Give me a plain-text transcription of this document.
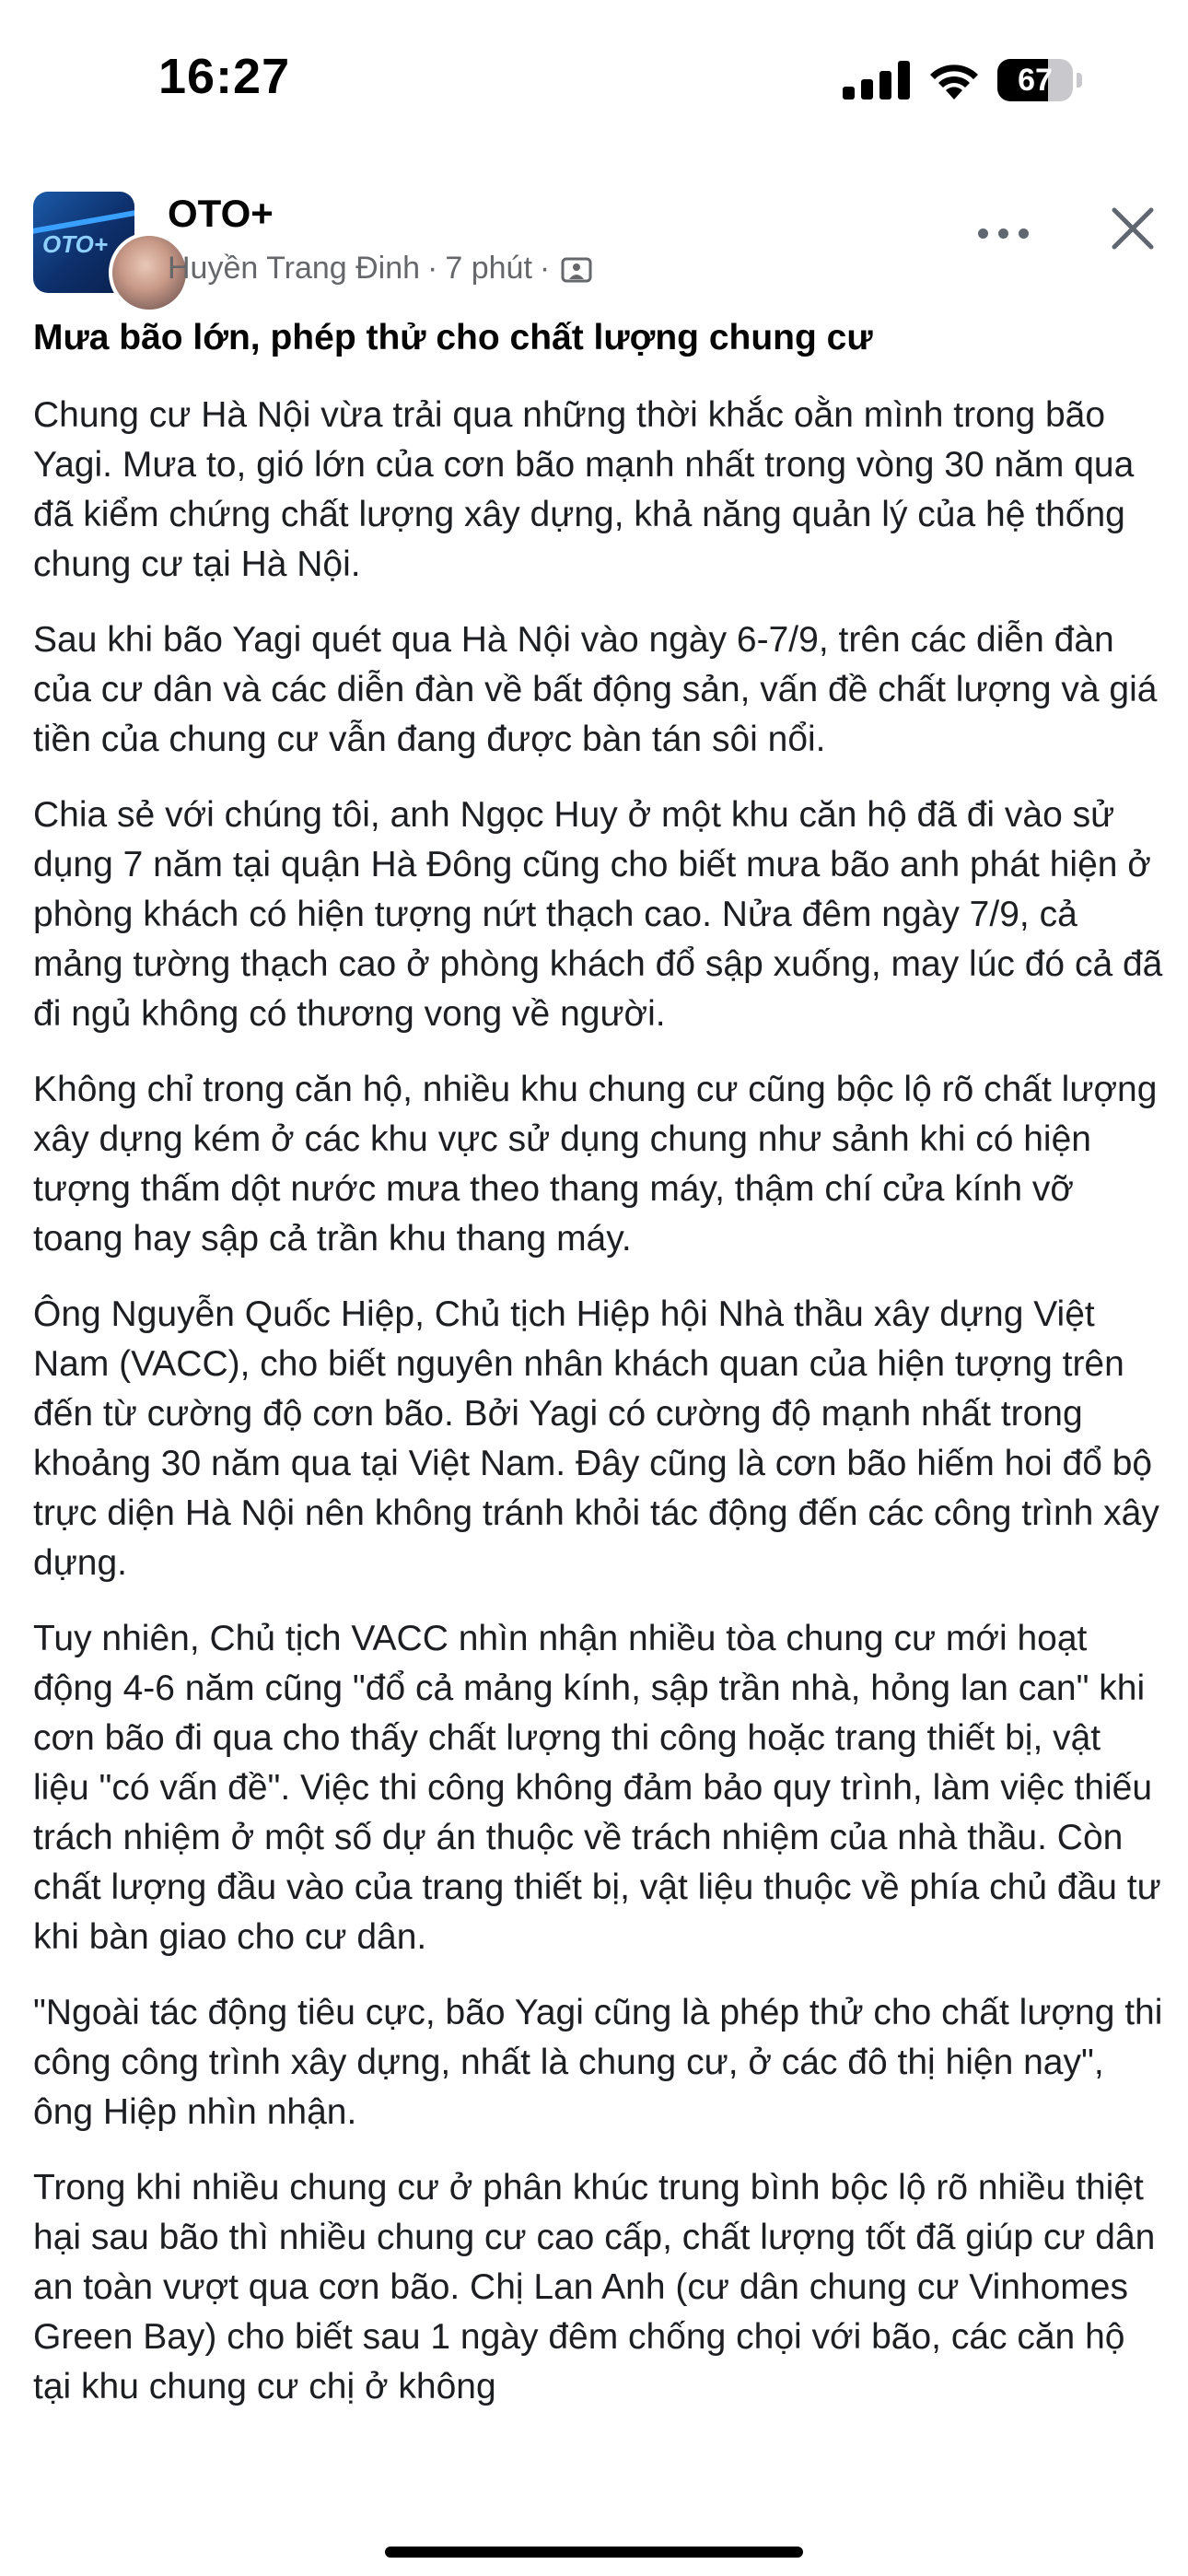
16:27	67
OTO+
OTO+
Huyền Trang Đinh · 7 phút ·
Mưa bão lớn, phép thử cho chất lượng chung cư

Chung cư Hà Nội vừa trải qua những thời khắc oằn mình trong bão Yagi. Mưa to, gió lớn của cơn bão mạnh nhất trong vòng 30 năm qua đã kiểm chứng chất lượng xây dựng, khả năng quản lý của hệ thống chung cư tại Hà Nội.

Sau khi bão Yagi quét qua Hà Nội vào ngày 6-7/9, trên các diễn đàn của cư dân và các diễn đàn về bất động sản, vấn đề chất lượng và giá tiền của chung cư vẫn đang được bàn tán sôi nổi.

Chia sẻ với chúng tôi, anh Ngọc Huy ở một khu căn hộ đã đi vào sử dụng 7 năm tại quận Hà Đông cũng cho biết mưa bão anh phát hiện ở phòng khách có hiện tượng nứt thạch cao. Nửa đêm ngày 7/9, cả mảng tường thạch cao ở phòng khách đổ sập xuống, may lúc đó cả đã đi ngủ không có thương vong về người.

Không chỉ trong căn hộ, nhiều khu chung cư cũng bộc lộ rõ chất lượng xây dựng kém ở các khu vực sử dụng chung như sảnh khi có hiện tượng thấm dột nước mưa theo thang máy, thậm chí cửa kính vỡ toang hay sập cả trần khu thang máy.

Ông Nguyễn Quốc Hiệp, Chủ tịch Hiệp hội Nhà thầu xây dựng Việt Nam (VACC), cho biết nguyên nhân khách quan của hiện tượng trên đến từ cường độ cơn bão. Bởi Yagi có cường độ mạnh nhất trong khoảng 30 năm qua tại Việt Nam. Đây cũng là cơn bão hiếm hoi đổ bộ trực diện Hà Nội nên không tránh khỏi tác động đến các công trình xây dựng.

Tuy nhiên, Chủ tịch VACC nhìn nhận nhiều tòa chung cư mới hoạt động 4-6 năm cũng "đổ cả mảng kính, sập trần nhà, hỏng lan can" khi cơn bão đi qua cho thấy chất lượng thi công hoặc trang thiết bị, vật liệu "có vấn đề". Việc thi công không đảm bảo quy trình, làm việc thiếu trách nhiệm ở một số dự án thuộc về trách nhiệm của nhà thầu. Còn chất lượng đầu vào của trang thiết bị, vật liệu thuộc về phía chủ đầu tư khi bàn giao cho cư dân.

"Ngoài tác động tiêu cực, bão Yagi cũng là phép thử cho chất lượng thi công công trình xây dựng, nhất là chung cư, ở các đô thị hiện nay", ông Hiệp nhìn nhận.

Trong khi nhiều chung cư ở phân khúc trung bình bộc lộ rõ nhiều thiệt hại sau bão thì nhiều chung cư cao cấp, chất lượng tốt đã giúp cư dân an toàn vượt qua cơn bão. Chị Lan Anh (cư dân chung cư Vinhomes Green Bay) cho biết sau 1 ngày đêm chống chọi với bão, các căn hộ tại khu chung cư chị ở không
